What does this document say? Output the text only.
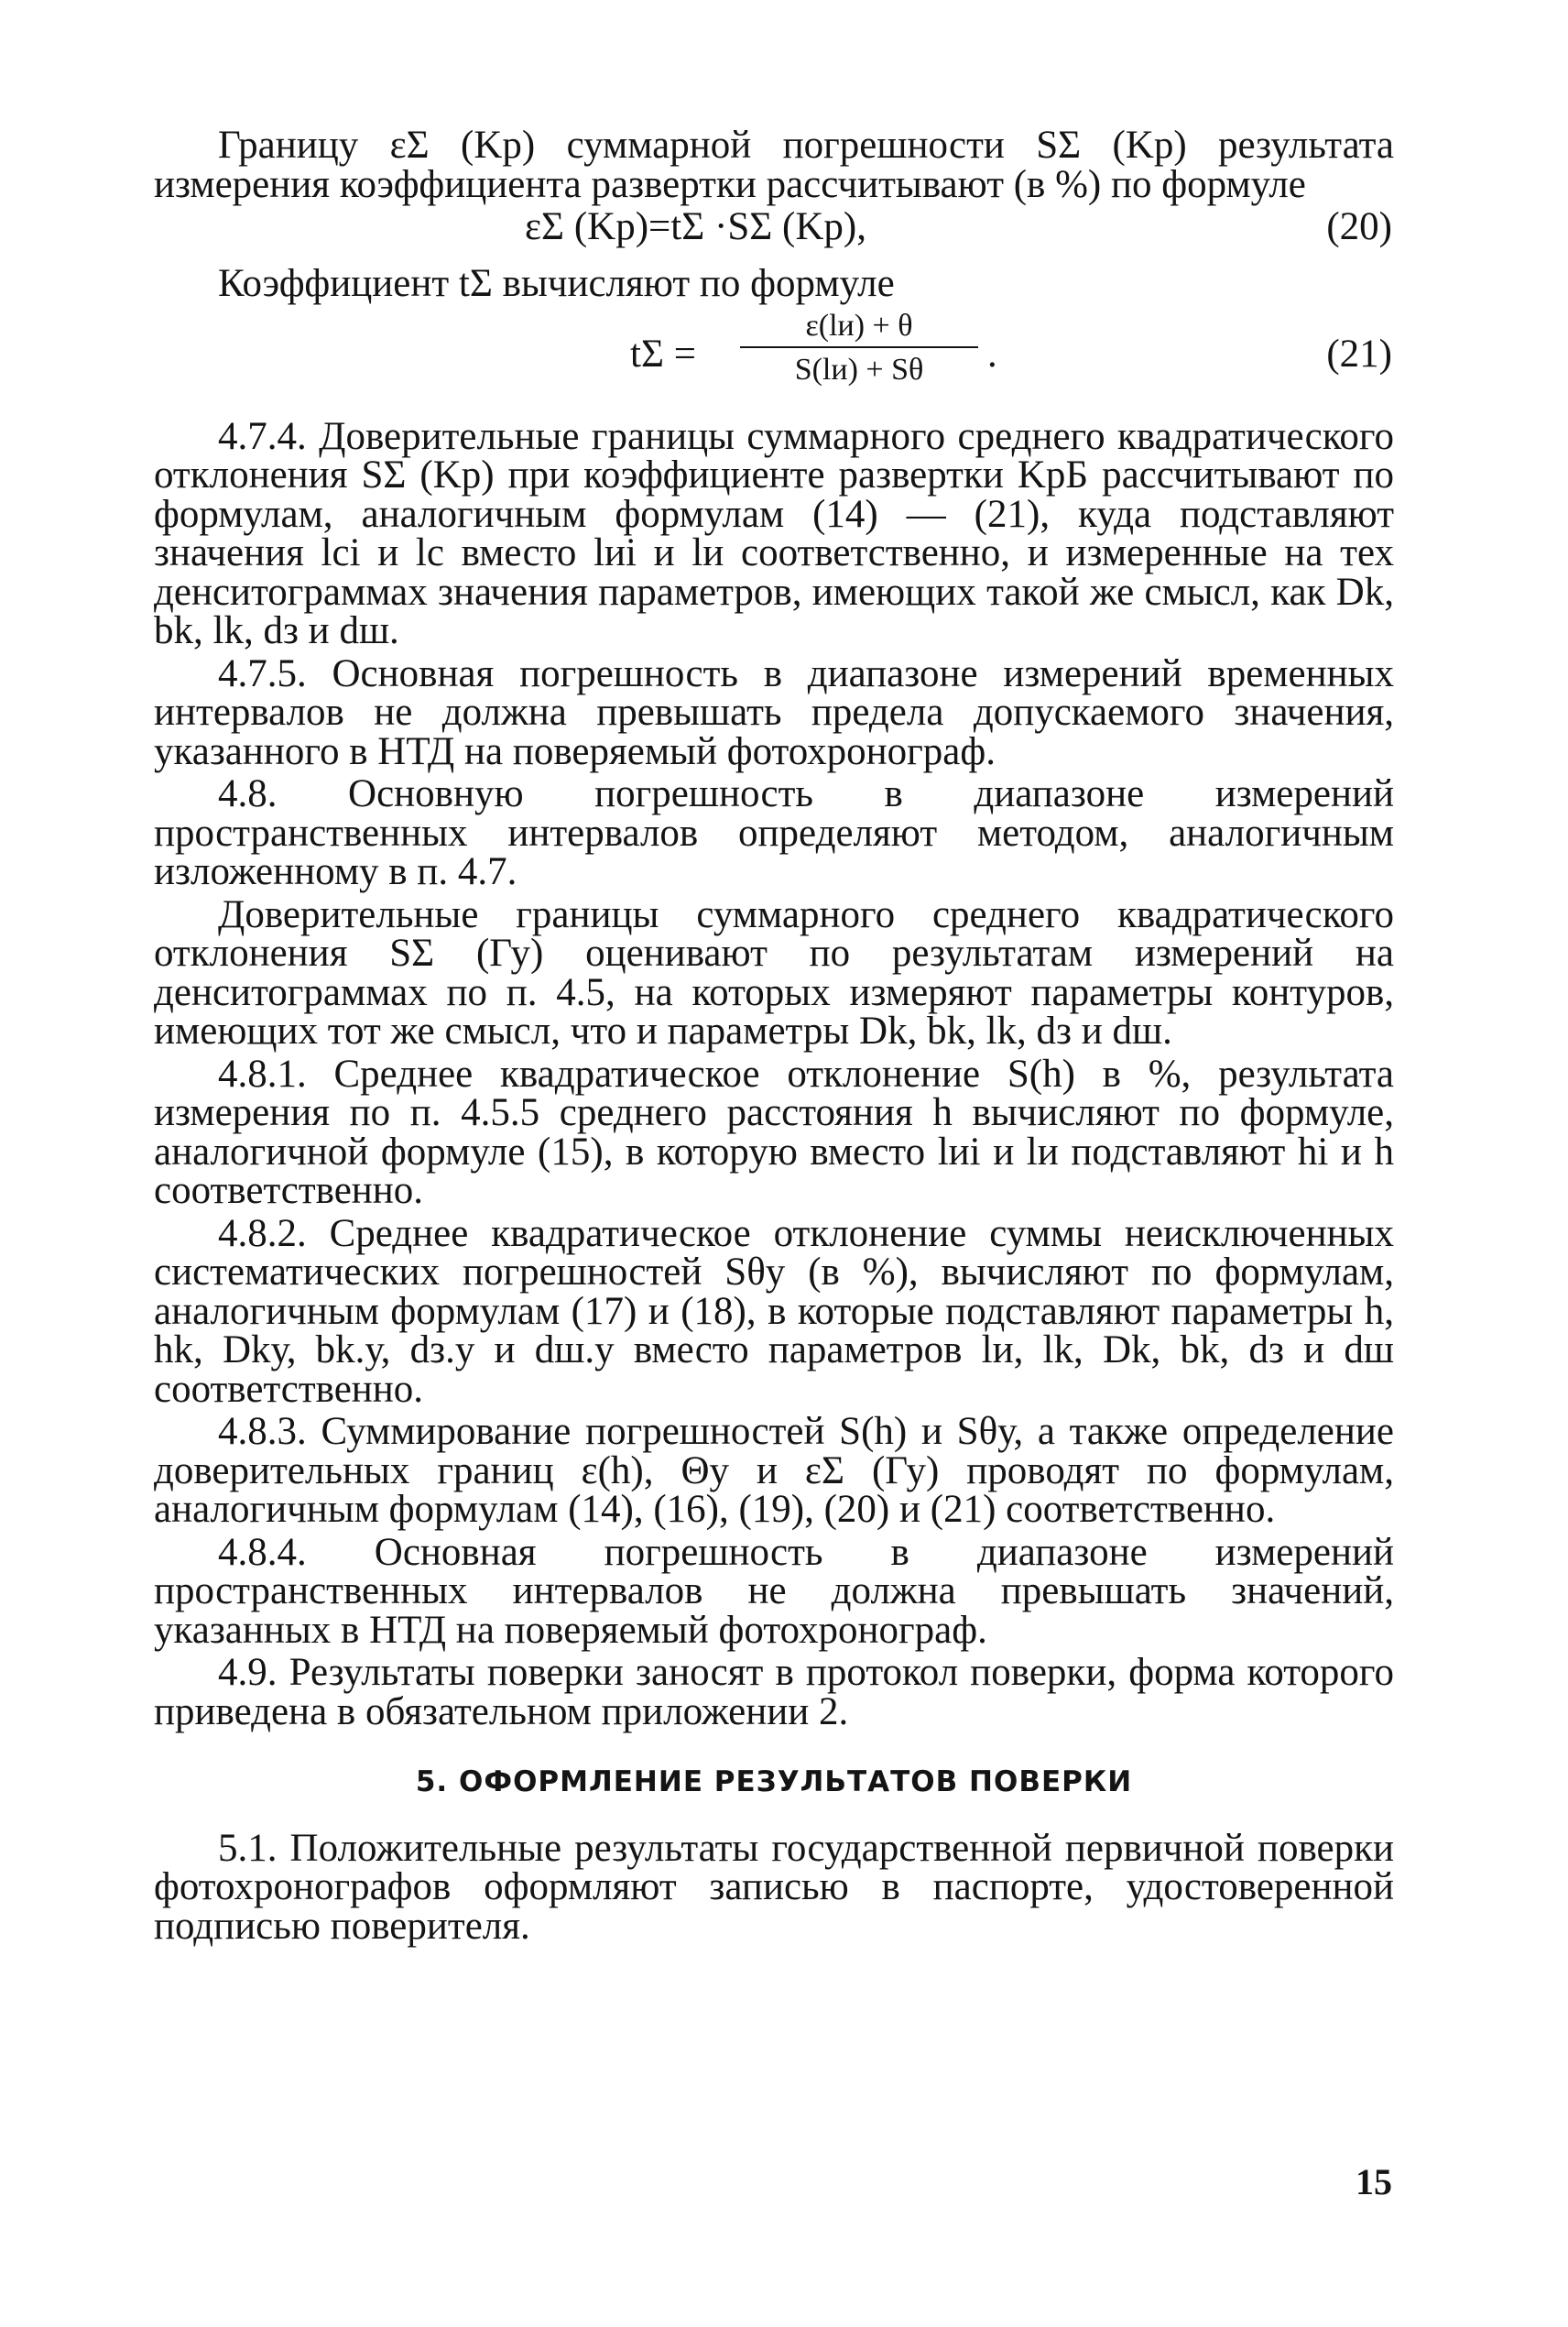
Границу εΣ (Kр) суммарной погрешности SΣ (Kр) результата измерения коэффициента развертки рассчитывают (в %) по формуле

εΣ (Kр)=tΣ ·SΣ (Kр),	(20)

Коэффициент tΣ вычисляют по формуле

tΣ =
ε(lи) + θ
S(lи) + Sθ	.	(21)

4.7.4. Доверительные границы суммарного среднего квадратического отклонения SΣ (Kр) при коэффициенте развертки KрБ рассчитывают по формулам, аналогичным формулам (14) — (21), куда подставляют значения lci и lc вместо lиi и lи соответственно, и измеренные на тех денситограммах значения параметров, имеющих такой же смысл, как Dk, bk, lk, dз и dш.

4.7.5. Основная погрешность в диапазоне измерений временных интервалов не должна превышать предела допускаемого значения, указанного в НТД на поверяемый фотохронограф.

4.8. Основную погрешность в диапазоне измерений пространственных интервалов определяют методом, аналогичным изложенному в п. 4.7.

Доверительные границы суммарного среднего квадратического отклонения SΣ (Гу) оценивают по результатам измерений на денситограммах по п. 4.5, на которых измеряют параметры контуров, имеющих тот же смысл, что и параметры Dk, bk, lk, dз и dш.

4.8.1. Среднее квадратическое отклонение S(h) в %, результата измерения по п. 4.5.5 среднего расстояния h вычисляют по формуле, аналогичной формуле (15), в которую вместо lиi и lи подставляют hi и h соответственно.

4.8.2. Среднее квадратическое отклонение суммы неисключенных систематических погрешностей Sθу (в %), вычисляют по формулам, аналогичным формулам (17) и (18), в которые подставляют параметры h, hk, Dkу, bk.у, dз.у и dш.у вместо параметров lи, lk, Dk, bk, dз и dш соответственно.

4.8.3. Суммирование погрешностей S(h) и Sθу, а также определение доверительных границ ε(h), Θу и εΣ (Гу) проводят по формулам, аналогичным формулам (14), (16), (19), (20) и (21) соответственно.

4.8.4. Основная погрешность в диапазоне измерений пространственных интервалов не должна превышать значений, указанных в НТД на поверяемый фотохронограф.

4.9. Результаты поверки заносят в протокол поверки, форма которого приведена в обязательном приложении 2.

5. ОФОРМЛЕНИЕ РЕЗУЛЬТАТОВ ПОВЕРКИ

5.1. Положительные результаты государственной первичной поверки фотохронографов оформляют записью в паспорте, удостоверенной подписью поверителя.

15
